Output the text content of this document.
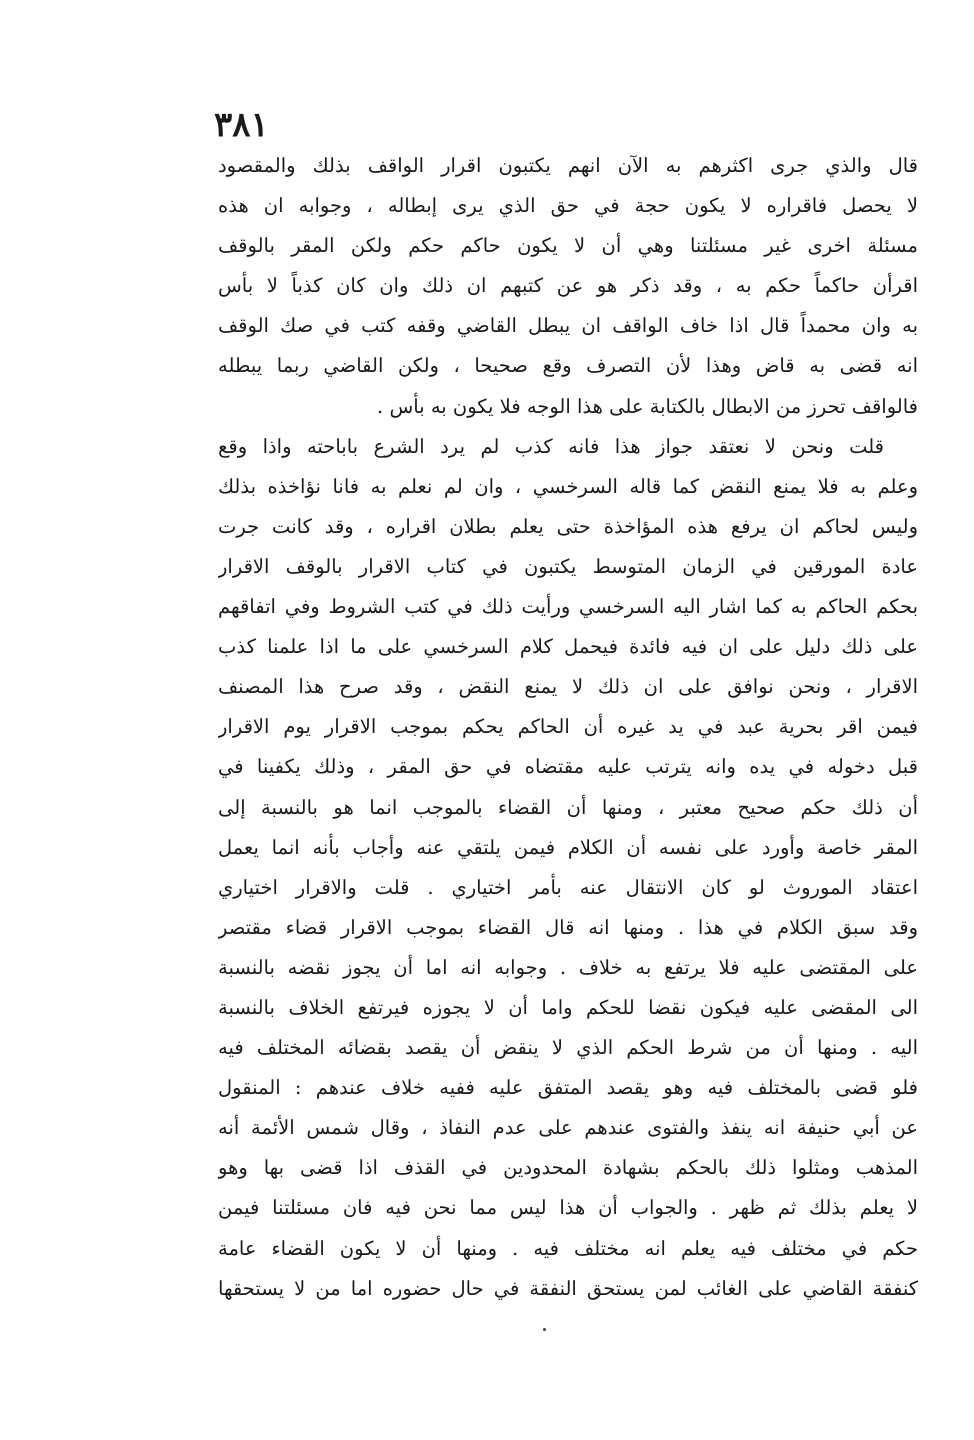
٣٨١
قال والذي جرى اكثرهم به الآن انهم يكتبون اقرار الواقف بذلك والمقصود
لا يحصل فاقراره لا يكون حجة في حق الذي يرى إبطاله ، وجوابه ان هذه
مسئلة اخرى غير مسئلتنا وهي أن لا يكون حاكم حكم ولكن المقر بالوقف
اقرأن حاكماً حكم به ، وقد ذكر هو عن كتبهم ان ذلك وان كان كذباً لا بأس
به وان محمداً قال اذا خاف الواقف ان يبطل القاضي وقفه كتب في صك الوقف
انه قضى به قاض وهذا لأن التصرف وقع صحيحا ، ولكن القاضي ربما يبطله
فالواقف تحرز من الابطال بالكتابة على هذا الوجه فلا يكون به بأس .
قلت ونحن لا نعتقد جواز هذا فانه كذب لم يرد الشرع باباحته واذا وقع
وعلم به فلا يمنع النقض كما قاله السرخسي ، وان لم نعلم به فانا نؤاخذه بذلك
وليس لحاكم ان يرفع هذه المؤاخذة حتى يعلم بطلان اقراره ، وقد كانت جرت
عادة المورقين في الزمان المتوسط يكتبون في كتاب الاقرار بالوقف الاقرار
بحكم الحاكم به كما اشار اليه السرخسي ورأيت ذلك في كتب الشروط وفي اتفاقهم
على ذلك دليل على ان فيه فائدة فيحمل كلام السرخسي على ما اذا علمنا كذب
الاقرار ، ونحن نوافق على ان ذلك لا يمنع النقض ، وقد صرح هذا المصنف
فيمن اقر بحرية عبد في يد غيره أن الحاكم يحكم بموجب الاقرار يوم الاقرار
قبل دخوله في يده وانه يترتب عليه مقتضاه في حق المقر ، وذلك يكفينا في
أن ذلك حكم صحيح معتبر ، ومنها أن القضاء بالموجب انما هو بالنسبة إلى
المقر خاصة وأورد على نفسه أن الكلام فيمن يلتقي عنه وأجاب بأنه انما يعمل
اعتقاد الموروث لو كان الانتقال عنه بأمر اختياري . قلت والاقرار اختياري
وقد سبق الكلام في هذا . ومنها انه قال القضاء بموجب الاقرار قضاء مقتصر
على المقتضى عليه فلا يرتفع به خلاف . وجوابه انه اما أن يجوز نقضه بالنسبة
الى المقضى عليه فيكون نقضا للحكم واما أن لا يجوزه فيرتفع الخلاف بالنسبة
اليه . ومنها أن من شرط الحكم الذي لا ينقض أن يقصد بقضائه المختلف فيه
فلو قضى بالمختلف فيه وهو يقصد المتفق عليه ففيه خلاف عندهم : المنقول
عن أبي حنيفة انه ينفذ والفتوى عندهم على عدم النفاذ ، وقال شمس الأئمة أنه
المذهب ومثلوا ذلك بالحكم بشهادة المحدودين في القذف اذا قضى بها وهو
لا يعلم بذلك ثم ظهر . والجواب أن هذا ليس مما نحن فيه فان مسئلتنا فيمن
حكم في مختلف فيه يعلم انه مختلف فيه . ومنها أن لا يكون القضاء عامة
كنفقة القاضي على الغائب لمن يستحق النفقة في حال حضوره اما من لا يستحقها
